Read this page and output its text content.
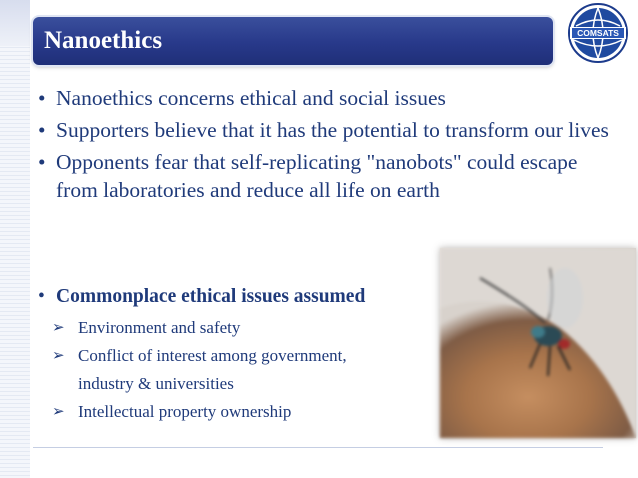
Nanoethics	COMSATS
• Nanoethics concerns ethical and social issues
• Supporters believe that it has the potential to transform our lives
• Opponents fear that self-replicating "nanobots" could escape from laboratories and reduce all life on earth
• Commonplace ethical issues assumed
➢ Environment and safety
➢ Conflict of interest among government,
industry & universities
➢ Intellectual property ownership
